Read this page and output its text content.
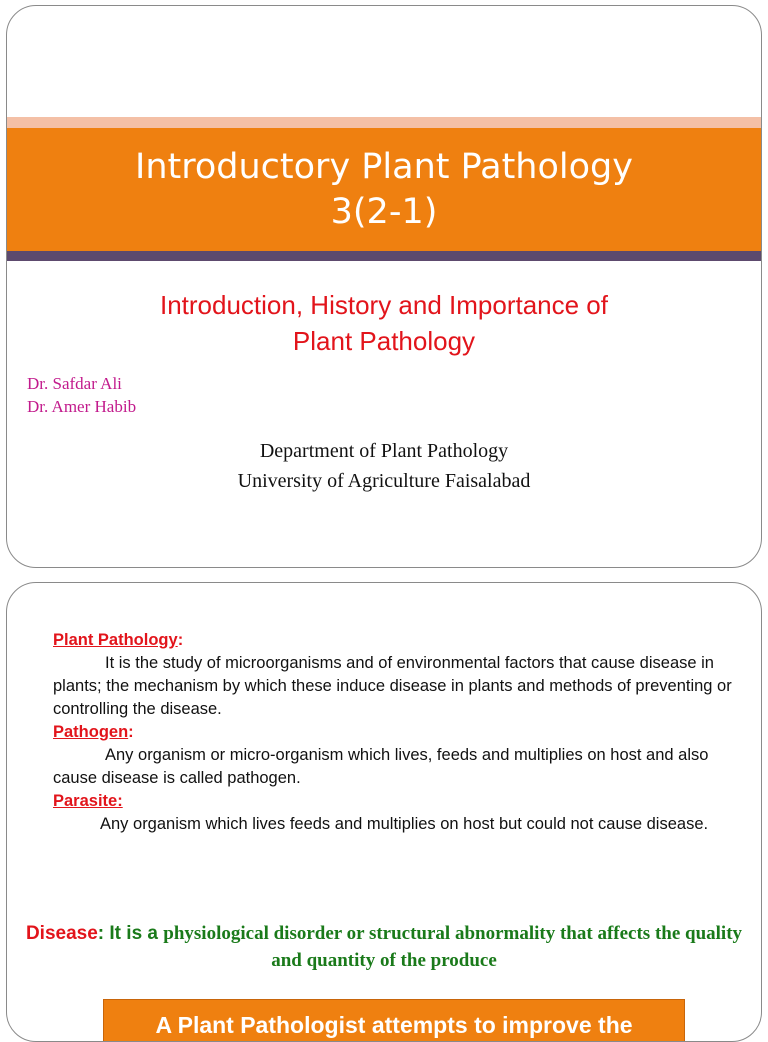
Introductory Plant Pathology
3(2-1)
Introduction, History and Importance of
Plant Pathology
Dr. Safdar Ali
Dr. Amer Habib
Department of Plant Pathology
University of Agriculture Faisalabad

Plant Pathology:

It is the study of microorganisms and of environmental factors that cause disease in plants; the mechanism by which these induce disease in plants and methods of preventing or controlling the disease.

Pathogen:

Any organism or micro-organism which lives, feeds and multiplies on host and also cause disease is called pathogen.

Parasite:

Any organism which lives feeds and multiplies on host but could not cause disease.

Disease: It is a physiological disorder or structural abnormality that affects the quality and quantity of the produce
A Plant Pathologist attempts to improve the
